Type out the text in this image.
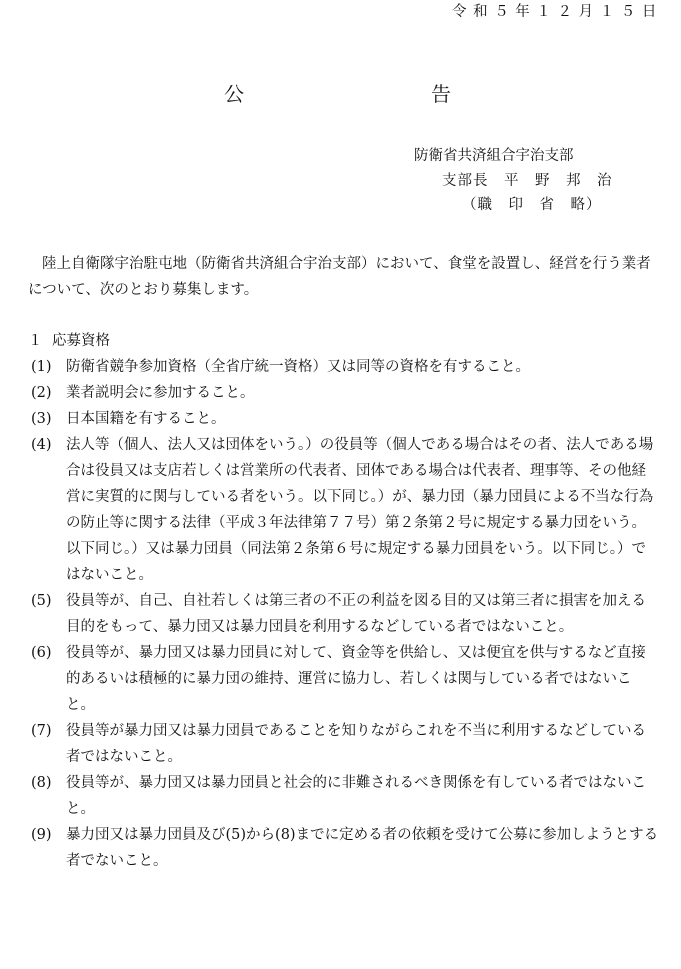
令和５年１２月１５日
公	告
防衛省共済組合宇治支部
支部長　平　野　邦　治
（職　印　省　略）

陸上自衛隊宇治駐屯地（防衛省共済組合宇治支部）において、食堂を設置し、経営を行う業者について、次のとおり募集します。

１ 応募資格
(1) 防衛省競争参加資格（全省庁統一資格）又は同等の資格を有すること。
(2) 業者説明会に参加すること。
(3) 日本国籍を有すること。
(4) 法人等（個人、法人又は団体をいう。）の役員等（個人である場合はその者、法人である場合は役員又は支店若しくは営業所の代表者、団体である場合は代表者、理事等、その他経営に実質的に関与している者をいう。以下同じ。）が、暴力団（暴力団員による不当な行為の防止等に関する法律（平成３年法律第７７号）第２条第２号に規定する暴力団をいう。以下同じ。）又は暴力団員（同法第２条第６号に規定する暴力団員をいう。以下同じ。）ではないこと。
(5) 役員等が、自己、自社若しくは第三者の不正の利益を図る目的又は第三者に損害を加える目的をもって、暴力団又は暴力団員を利用するなどしている者ではないこと。
(6) 役員等が、暴力団又は暴力団員に対して、資金等を供給し、又は便宜を供与するなど直接的あるいは積極的に暴力団の維持、運営に協力し、若しくは関与している者ではないこと。
(7) 役員等が暴力団又は暴力団員であることを知りながらこれを不当に利用するなどしている者ではないこと。
(8) 役員等が、暴力団又は暴力団員と社会的に非難されるべき関係を有している者ではないこと。
(9) 暴力団又は暴力団員及び(5)から(8)までに定める者の依頼を受けて公募に参加しようとする者でないこと。
